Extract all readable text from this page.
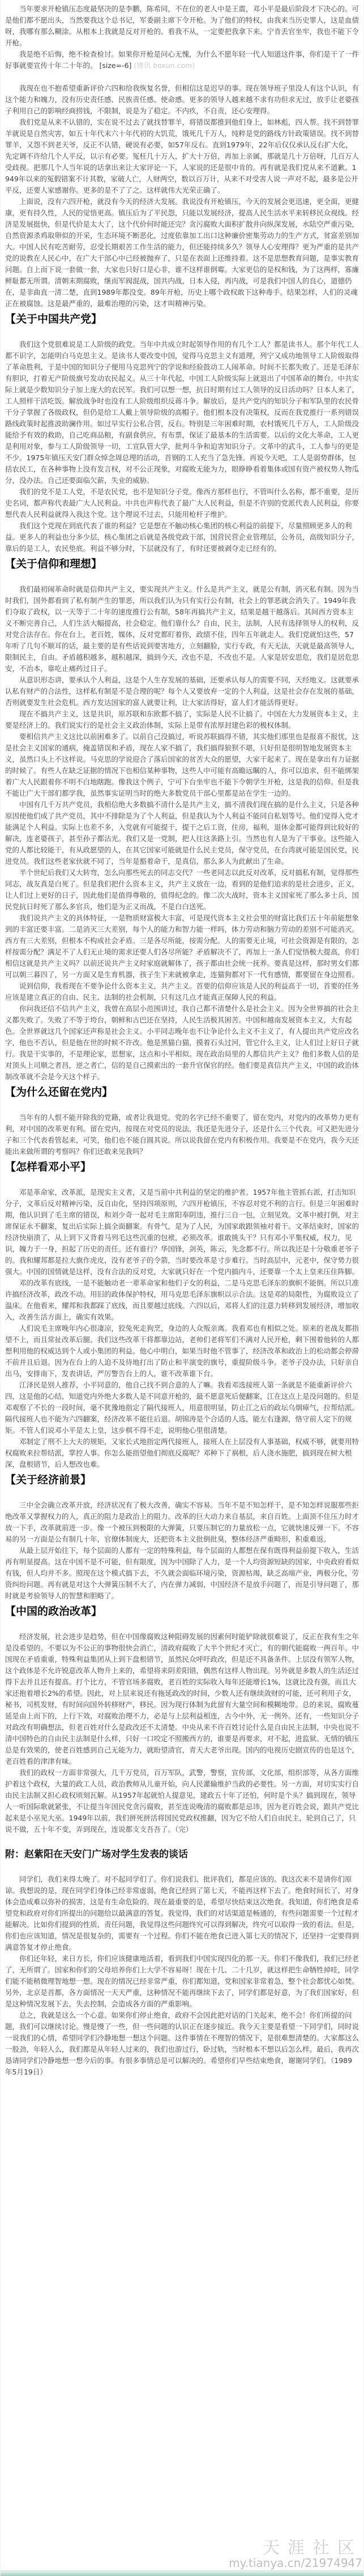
当年要求开枪镇压态度最坚决的是李鹏，陈希同，不在位的老人中是王震，邓小平是最后阶段才下决心的。可是他们都不愿出头，当然要我这个总书记，军委副主席下令开枪。为了他们的特权，由我来当历史罪人，这是血债呀，我哪有那么糊涂。从根本上我就是反对开枪的。看我不从，一定要把我拿下来。宁肯丢官坐牢，我也不能下令开枪。

我是绝不后悔，绝不检查检讨。如果你开枪是问心无愧，为什么不愿年轻一代人知道这件事，你们是干了一件好事就要宣传十年二十年的。 [size=-6] (博讯 boxun.com)

我现在也不抱希望重新评价六四和给我恢复名誉，但相信这是迟早的事。现在领导班子里没人有这个认识，有这个能力和魄力，没有历史责任感、民族责任感、使命感。更多的领导人越来越不求有功但求无过，放手让老婆孩子利用自己的影响经商捞钱，不限制，说是为了稳定。不内疚，不自责，还心安理得。

我们党是从来不认错的，实在说不过去了就找替罪羊，将错误都推到他们身上，如林彪，四人帮。找不到替罪羊就说是自然灾害，如五十年代末六十年代初的大饥荒，饿死几千万人，纯粹是党的路线方针政策错误。找不到替罪羊，又怨不到老天爷，反正不认错，硬说有必要，如57年反右。直到1979年，22年后仅仅承认反右扩大化，先定调不许给几个人平反，以示有必要。冤枉几十万人，扩大十万倍，再加上亲属，那就是几十万倍呀，几百万人受歧视。把那几个人当年说的话拿出来让大家评论一下，人家说的还是很中肯的。再有就是我们党从来不道歉。1949年以来的冤假错案不计其数，家破人亡，人财两空，数以百万计，从来不对受害人说一声对不起，最多是公开平反，还要人家感谢你。更多的是不了了之。这样就伟大光荣正确了。

上面说，没有六四开枪，就没有今天的经济大发展。我说没有开枪镇压，今天的发展会更迅速，更全面，更健康，更有持久性，人民的觉悟更高。镇压后为了平民怨，只能以发展经济，提高人民生活水平来转移民众视线。经济是发展挺快，但是代价是太大了，这个代价何时能还完？贪污腐败大面积扩散并向纵深发展，水陆空严重污染，自然资源杀鸡取卵似的开采，生态环境不断恶化，过度依靠加工出口这种廉价密集劳动力的生产方式，贫富差别加大。中国人民有吃苦耐劳，忍受长期艰苦工作生活的能力，但还能持续多久？领导人心安理得？更为严重的是共产党的说教在人民心中，在广大干部心中已经被抛弃了，只是在表面上还维持着。这不是思想教育问题，是事实教育问题。自上而下说一套做一套，大家也只好口是心非，谁不这样谁倒霉。大家更信的是权和钱，为了这两样，寡廉鲜耻都无所谓。清朝末期腐败，继而军阀混战，国共内战，日本入侵，再内战，可是我们中国人的良心，道德仍在，是非曲直一清二楚，直到1989年都没变。89年开枪，历史上哪个政权敢下这种毒手。结果怎样，人们的灵魂正在被腐蚀。这是最严重的，最难治理的污染，这才叫精神污染。

【关于中国共产党】

我们这个党很难说是工人阶级的政党。当年中共成立时起领导作用的有几个工人？都是读书人。那个年代工人都不识字，怎能明白马克思主义。是读书人要改变中国，觉得马克思主义有道理，列宁又成功地领导工人阶级取得了革命胜利，于是中国的知识分子便用马克思列宁的学说和经验鼓动工人闹革命。时间不长都失败了。还是毛泽东有胆识，打着无产阶级旗号发动农民起义。从三十年代起，中国工人阶级实际上就退出了中国革命的舞台。中共实际上就是少数知识分子加上庞大的农民军。我们可以想一想，抗日时期有过工人领导的反日活动吗？日本人来了，工人照样干活吃饭。解放战争时也没有工人阶级组织反蒋斗争。解放后，是共产党内的知识分子和军队里的农民骨干分子掌握了各级政权，但仍是给工人戴上领导阶级的高帽子。他们根本没有决策权，反而在我党推行一系列错误路线政策时起推波助澜作用。如过早实行公私合营，反右。特别是三年困难时期，农村饿死几千万人，工人阶级没能给予有效的救助，自己吃商品粮，有副食供应，有布票，保证了最基本的生活需要。以后的文化大革命，工人更是利用对象，参与工人阶级领导一切，工宣队管大学，批判斗争和迫害知识分子。文革中的武斗，工人参与的更是不少。1975年镇压天安门群众悼念周总理的活动，首钢的工人充当了急先锋。再说今天吧，工人是弱势群体，包括农民工，在各种事物上没有发言权，对不公正现象，对腐败无能为力，眼睁睁看着集体或国有资产被权势人物瓜分，没办法。自己还要面临欠薪，失业的威胁。

我们的党不是工人党，不是农民党，也不是知识分子党。像西方那样也行，不管叫什么名称，都不重要，是历史名词，都声称代表最广大人民利益。中共也声称代表了最广大人民利益，但是不许别的党派代表人民利益，你要想代表人民利益就得入我这个党。这个理说不过去，只能用枪杆子维护。

我们这个党现在到底代表了谁的利益？它是想在不触动核心集团的核心利益的前提下，尽量照顾更多人的利益。更多人的利益也分多少层，核心集团之后就是各级党政干部，国营民营企业管理层，公务员，高级知识分子，靠后的是工人，农民垫底。利益不够分时，下层就没有了，有时还要被剥夺走已经有的。

【关于信仰和理想】

我们最初闹革命时就是信仰共产主义，要实现共产主义。什么是共产主义，就是公有制，消灭私有制。因为当时我们，国外都看到了私有制产生的罪恶，所以我们认为只有实行公有制，社会上的罪恶就会消失了。1949年我们夺取了政权，以一天等于二十年的速度推行公有制，58年再搞共产主义，结果是越干越落后。其间西方资本主义不断完善自己，人们生活大幅提高，社会稳定。他们靠什么？自由，民主，法制，人民有选择领导人的权利，反对党合法存在。你在台上，老百姓，媒体，反对党都盯着你，政绩不佳，四年五年就走人。我们党就怕这些，57年听了几句不顺耳的话，最主要的是有些话说到要害地方，立刻翻脸，实行专政，有天无法，天就是最高领导人，限制民主，自由。矛盾越积越多，越积越深，搞到今天，改也不是，不改也不是。人家是居安思危，我们是居危思安，不治本，靠吃止痛药过日子。

从意识形态讲，要承认个人利益，这是个人生存发展的基础，还要承认每人的需要不同，天经地义。这就要承认私有财产的合法性，这样私有制是不是合理的呢？每个人又要放弃一定的个人利益，这是社会存在发展的基础，否则就要发生社会危机。西方发达国家的富人就要让利，让大家活得好，富人们才能活得更好。

现在不搞共产主义，这是共识，原苏联和东欧都不搞了，实际是人民不让搞了。中国在大力发展资本主义，主要是经济上的。我们说实行的是社会主义政治体制，实际上是带有浓厚封建色彩的极权体制。

要相信共产主义这比以前困难多了。以前自己没搞过，听说苏联搞得不错，其实他们那里也是报喜不报忧，这是社会主义国家的通病，掩盖错误和矛盾，现在人家不搞了，我们搞得狼狈不堪，只好但是很明智地发展资本主义，虽然口头上不这样说。马克思的学说迎合了落后国家的贫苦大众的愿望，大家干起来了。现在是拿出有力证据的时候了。有些人在缺乏证据的情况下也相信某种事物，这些人中可能有高瞻远瞩的人，你可以追求，但不能绑架着广大人民跟着你不明不白地瞎跑。像我这个例子，宁可下台坐牢也不能下令朝学生开枪，这是我的信仰。但是我不能让广大干部们都学我，虽然事实证明当时的绝大多数党员干部心里都是站在学生一边的。

中国有几千万共产党员，我相信绝大多数搞不清什么是共产主义，搞不清我们现在搞的是什么主义，只是各种原因使他们成了共产党员，其中不排除是为了个人利益，但是我认为个人利益不能同自私划等号。他们觉得入党才能满足个人利益。实际上也差不多，入党就有可能提干，提干之后工资，住房，福利，退休金都可能得到比较好的解决，连老婆孩子，甚至孙子都沾光。我们又是一党制，把人往这条路上引。当然也有人是为了干事业。这些能入党的人都比较能干，有从政愿望的人，在其它国家可能就是什么民主党员，保守党员，在台湾就可能是国民党，民进党员。我们这些老家伙就不同了，当年是豁着命干，是真信，那么多人为此献出了生命。

半个世纪后我们又大转弯，怎么向那些死去的同志交代？一些老同志以此反对改革，反对搞私有制，觉得那些同志，战友真是白死了。但是我们把什么资本主义，共产主义放在一边，看到的是他们追求的是社会进步，正义，让人们过上更好的日子，因此他们是值得尊敬的，值得纪念的。像二次大战时，资本主义国家死了那么多士兵，国民党抗日时死了那么多官兵，他们是为正义而战，不是白白送死。

我们说共产主义的具体特征，一是物质财富极大丰富，可是现代资本主义社会里的财富比我们五十年前能想象到的丰富还要丰富。二是消灭三大差别，每个人的能力和智力能一样吗，体力劳动和脑力劳动的差别不可能消灭。西方有三大差别，但根本不构成社会矛盾。三是各尽所能，按需分配。人的需要无止境，可社会资源是有限的，怎样按需分配？满足不了人们无止境的需求还要人们各尽所能？矛盾解决不了，再加上一条人们觉悟极大提高，你们相信这就是共产主义吗？以前还说共产主义时家庭就解体了，孩子都由社会统一抚养。要真是这样，那时男女们都可以朝三暮四了，另一方面又是生育机器，孩子生下来就被拿走，连猫狗都对下一代有感情，都要留在身边照看。

说到信仰，我看现在不要争论什么资本主义，共产主义。首要的信仰应该是人民的利益高于一切，首要的任务应该是建立真正的自由、民主、法制的社会机制，只有这几点才能真正保障人民的利益。

你问我还信不信共产主义，我曾在高层小范围讲过，我自己都不清楚什么是社会主义。因为全世界搞的社会主义都失败了。失败了不等于垮台，朝鲜和古巴还在坚持，人民生活极其困苦。中国和越南发展资本主义，大有起色。全世界就这几个国家还声称是社会主义。小平同志晚年也不让争论什么主义不主义了，有人提出共产党应改名字，他也不否认，但是他在世的时候不许改。他是黑猫白猫，摸着石头过河，管它什么主义，让人们过上好日子就行。我是干实事的，不是理论家，思想家，这点和小平相似。现在政治局里的人都信共产主义？他们多数人信的是对顶头上司顺之者昌，逆之者亡，信的是自己摸索出的一套升官保官的经。他们要是真信共产主义，中国的政治体制改革就不会是今天这个样子。

【为什么还留在党内】

当年有的人恨不能开除我的党籍，或者让我退党。党的名字已经不重要了，留在党内，对党内的改革势力更有利，对中国的改革更有利。留在党内，按现在对党员的说法，我还是先进分子，还是什么三个代表。可又把先进分子和三个代表看管起来，可笑，他们也不能自圆其说。所以说我留在党内有积极作用。我要是不在党内，我今天还能出来做所谓的考察吗？你们还敢来见我吗？

【怎样看邓小平】

邓是革命家，改革派，是现实主义者，又是当前中共利益的坚定的维护者。1957年他主管抓右派，打击知识分子，文革后反对精神污染，反自由化，坚持四项原则，六四开枪镇压，不容忍对党不利的言行。但是三年困难时期，他认识到了毛主席的错误，和刘少奇一起对毛主席阳奉阴违，推行三自一包，立刻见效。文革中被打倒，对主席保证永不翻案，复出后实际上搞全面翻案。有骨气，是为了人民，为国家敢跟领袖对着干。文革结束时，国家的经济快崩溃了，从上到下又背着马列毛这些沉重的包袱，必须改革。谁敢挑头干？只有邓小平集权威，权力，见识，魄力于一身，担起了历史的责任。还有谁行？华国锋，剑英，陈云，先念都不行。所以我还是十分敬重老爷子的。我和耀邦都是拉大旗作虎皮，没有老爷子的令箭，当时要改革是寸步难行。当时高层中，元老中，保守势力很强大。中国的国情就是这样，没有合法的反对党，大家就只好在一个党内搞内斗，还要靠一个太上皇来压住阵脚。

邓的改革有底线，一是不能触动老一辈革命家和他们子女的利益，二是马克思毛泽东的旗帜不能倒。所以只准许搞经济改革，政改不动。用旧的政体保护特权，用马克思毛泽东旗帜以示合法。这是邓的局限性，为腐败设立了温床。在他看来，耀邦和我都踩了底线，而且要越过底线。六四以后，邓将人们的注意力转移到发展经济，增加收入，改善生活方面上，确实有效果。

人们说毛主席晚年内心很凄凉，狡兔死走狗烹，身边的人众叛亲离。我看邓也有相似之处。原来的老战友都指望不上，而且常扯改革后腿。我们这些改革干将都靠边站，老帅们老将军们不满对人民开枪，剩下围着他转的人都想利用他的权威达到个人或小集团的利益。他心中明白，如果当时他不管事了，经济改革和政治上的松动都会停滞不前并且后退。因为在台上的人迫不及待地打出了防止和平演变的旗号，重提阶级斗争。老爷子没办法，只好亲自出马，安排南下，发表讲话，严厉警告台上的人，谁不改革谁下台。

江泽民是别人推荐，小平同意的，他自己找不到合意的人了嘛。我看邓选接班人第一条就是不能重新评价六四，这是他的心结，知道党内外绝大多数人是不同意开枪的，最不愿意死后便翻案，江在这点上是没问题的。但是邓观察了不长的一段时间，毫不犹豫地指定了隔代接班人，用意很明显，防止江之后的政坛乌烟瘴气，拉帮结派。隔代接班人也不能为六四翻案，经济改革不能往后退。胡锦涛是个合适的人选，能左右逢源，恪守前人定下的规矩。不管人们说邓小平是太上皇，这步棋不得不走，说明他心里很清楚。

邓制定了刑不上大夫的规矩，又家长式地指定两代接班人，接班人在上层没有人事基础，权威不够，就要用特权腐败来拉帮结派，掌控人事。你怎么能指望他们彻底反腐呢？邓种下了祸根，后人浇水施肥，搞到现在树大根深，盘根错节，后人想改也难。

【关于经济前景】

三中全会确立改革开放，经济状况有了极大改善，确实不容易。当年不是不知怎样干，是不知怎样说服那些拒绝改革又掌握权力的人，真正的阻力是政治上的阻力。改革的巨大动力来自基层，来自百姓。上面顶不住压力时才放一下手，改革就前进一步。像一个被压到极限的大弹簧，只要压制它的力量放松一点，它就快速反弹一下。不容易的另一方面是公有制几十年，官僚体制庞大，还把资本主义批倒批臭，整体经济严重畸形，积重难返。

从最上层开始往下，每个层面的人都有一定的特殊利益，每个层面的人都想在保有既得利益前提下收入，生活再有明显提高。这在中国不是不可能，但有限度，因为中国除了人力，是一个人均资源短缺的国家，中央政府看似有钱，但人均并不多。照现在这个模式搞下去，不久就会面临环境污染，资源枯竭，缺乏高端产业，两极分化，劳资纠纷问题。再有就是对这个大弹簧压制不大了，内在弹力减弱，中国经济不是放手问题了，而是引导问题了，那时就是考验领导人的智慧和胆略了。

【中国的政治改革】

经济发展，社会进步是趋势，但在中国像腐败这种阻碍发展的因素何时能铲除就很难说了，反正在我有生之年是没希望的。不要以为不公正的事物很快会消亡，清政府腐败了大半个世纪才灭亡，有的朝代能腐败一两百年。中国现在矛盾重重，特殊利益集团从上到下盘根错节，虽然民众呼吁政改，但是还不具备条件。上层没有领军人物，这个政体是不允许锐意改革人物升上来的，希望将来阴差阳错，偶然有这样人物出现。另外就是多数人的生活还过得下去并且还有提高。打个比方，不管官场多腐败，老百姓的实际收入每年还能增长1%，这就比没有强，而且大家还抱着增长2%的希望。因此，对上层来说还有拖延政改的时间，少数人还有继续敛财的可能，还可利用子女，秘书，司机发财，有时间向国外转移财产，移民。因为现行体制为此留有大量空间和模糊地带。总的来说，腐败蔓延是由上而下的，上行下效，对腐败治理不力，必是与上层利益相连，古今中外，无一例外。还有，一些知识分子对政改有明确想法，但老百姓对什么是政改还不太清楚。中央从来不许百姓讨论什么是自由民主法制，中央也说不清中国特色的自由民主法制是什么样，只好一口咬定不照搬西方的，谁要是再要求，对不起，进监狱。无情的镇压总是有效果的，使老百姓感到自己无能为力，就盼望清官，青天大老爷出现。国内的电视历史剧宣传的也是这个，老百姓看的津津有味。

我们的政权一方面非常强大，几千万党员，百万军队，武警，警察，宣传部，文化部，组织部等，从各方面维护着这个政权，大量的政工人员，政治教师从儿童开始，向人民灌输维护当政的必要性。另一方面，对切实实行自由民主法制又担心政权顷刻瓦解。从1957年起就怕人提意见，建政五十年了还怕，何时是个头？搞到现在，领导人一听国际歌就紧张，不让提当年国民党贪污腐败，甚至连说晚清的腐败都是忌讳，因为老百姓会说，跟共产党比起来是小巫见大巫。1949年以前，我们拼死拼活将国民党政权推翻，因为它不给人们自由民主，轮到自己了，只说不做，五十年不变，弄到现在，连说都支支吾吾了。（完）

附：赵紫阳在天安门广场对学生发表的谈话

同学们，我们来得太晚了。对不起同学们了。你们说我们、批评我们，都是应该的。我这次来不是请你们原谅。我想说的是，现在同学们身体已经非常虚弱，绝食已经到了第七天，不能再这样下去了。绝食时间长了，对身体会造成难以弥补的损害，这是有生命危险的。现在最重要的是，希望尽快结束这次绝食。我知道，你们绝食是希望党和政府对你们所提出的问题给以最满意的答复。我觉得，我们的对话渠道是畅通的，有些问题需要一个过程才能解决。比如你们提到的性质、责任问题，我觉得这些问题终究可以得到解决，终究可以取得一致的看法。但是，你们也应该知道，情况是很复杂的，需要有一个过程。你们不能在绝食已进入第七天的情况下，还坚持一定要得到满意答复才停止绝食。

你们还年轻，来日方长，你们应该健康地活着，看到我们中国实现四化的那一天。你们不像我们，我们已经老了，无所谓了。国家和你们的父母培养你们上大学不容易呀！现在十几、二十几岁，就这样把生命牺牲掉哇，同学们能不能稍微理智地想一想。现在的情况已经非常严重，你们都知道，党和国家非常着急，整个社会都忧心如焚。另外，北京是首都，各方面情况一天天严重，这种情况不能再继续下去了，同学们都是好意，为了我们国家好，但是这种情况发展下去，失去控制，会造成各方面的严重影响。

总之，我就是这么一个心意。如果你们停止绝食，政府不会因此把对话的门关起来，绝不会！你们所提的问题，我们可以继续讨论。慢是慢了一些，但一些问题的认识正在逐步接近。我今天主要是看望一下同学们，同时说一说我们的心情，希望同学们冷静地想一想这个问题。这件事情在不理智的情况下，是很难想清楚的。大家都这么一股劲，年轻人么，我们都是从年轻人过来的，我们也游过行，卧过轨，当时根本不想以后怎么样。最后，我再次恳请同学们冷静地想一想今后的事。有很多事情总是可以解决的。希望你们早些结束绝食，谢谢同学们。（1989年5月19日）

天涯社区
my.tianya.cn/21974947
